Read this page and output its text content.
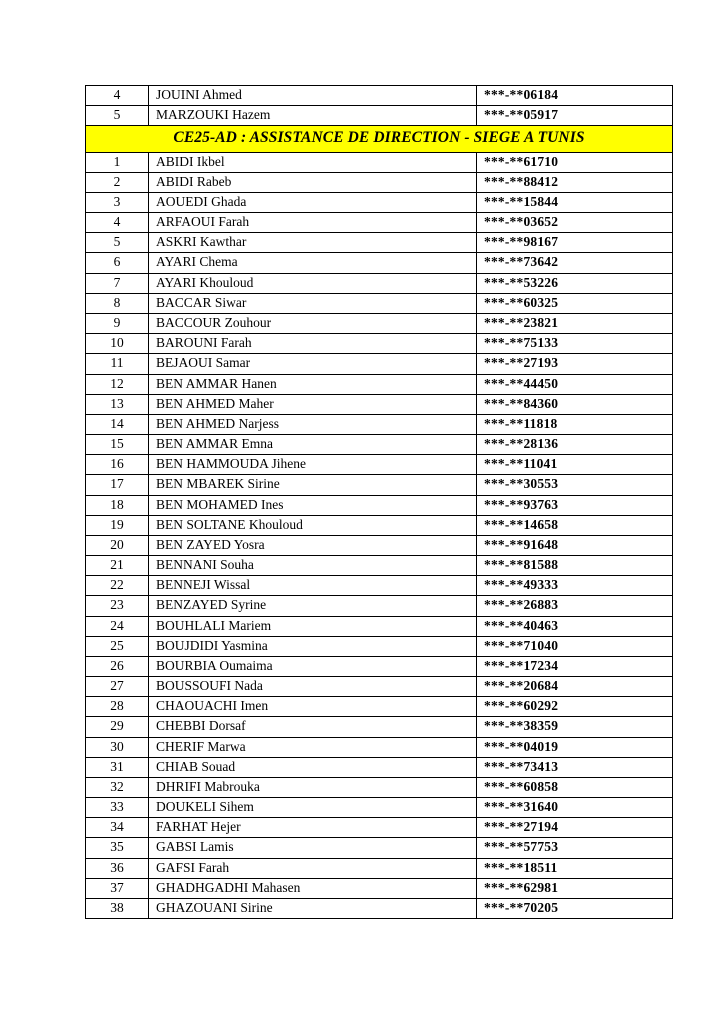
4	JOUINI Ahmed	***-**06184
5	MARZOUKI Hazem	***-**05917
CE25-AD : ASSISTANCE DE DIRECTION - SIEGE A TUNIS		
1	ABIDI Ikbel	***-**61710
2	ABIDI Rabeb	***-**88412
3	AOUEDI Ghada	***-**15844
4	ARFAOUI Farah	***-**03652
5	ASKRI Kawthar	***-**98167
6	AYARI Chema	***-**73642
7	AYARI Khouloud	***-**53226
8	BACCAR Siwar	***-**60325
9	BACCOUR Zouhour	***-**23821
10	BAROUNI Farah	***-**75133
11	BEJAOUI Samar	***-**27193
12	BEN AMMAR Hanen	***-**44450
13	BEN AHMED Maher	***-**84360
14	BEN AHMED Narjess	***-**11818
15	BEN AMMAR Emna	***-**28136
16	BEN HAMMOUDA Jihene	***-**11041
17	BEN MBAREK Sirine	***-**30553
18	BEN MOHAMED Ines	***-**93763
19	BEN SOLTANE Khouloud	***-**14658
20	BEN ZAYED Yosra	***-**91648
21	BENNANI Souha	***-**81588
22	BENNEJI Wissal	***-**49333
23	BENZAYED Syrine	***-**26883
24	BOUHLALI Mariem	***-**40463
25	BOUJDIDI Yasmina	***-**71040
26	BOURBIA Oumaima	***-**17234
27	BOUSSOUFI Nada	***-**20684
28	CHAOUACHI Imen	***-**60292
29	CHEBBI Dorsaf	***-**38359
30	CHERIF Marwa	***-**04019
31	CHIAB Souad	***-**73413
32	DHRIFI Mabrouka	***-**60858
33	DOUKELI Sihem	***-**31640
34	FARHAT Hejer	***-**27194
35	GABSI Lamis	***-**57753
36	GAFSI Farah	***-**18511
37	GHADHGADHI Mahasen	***-**62981
38	GHAZOUANI Sirine	***-**70205
